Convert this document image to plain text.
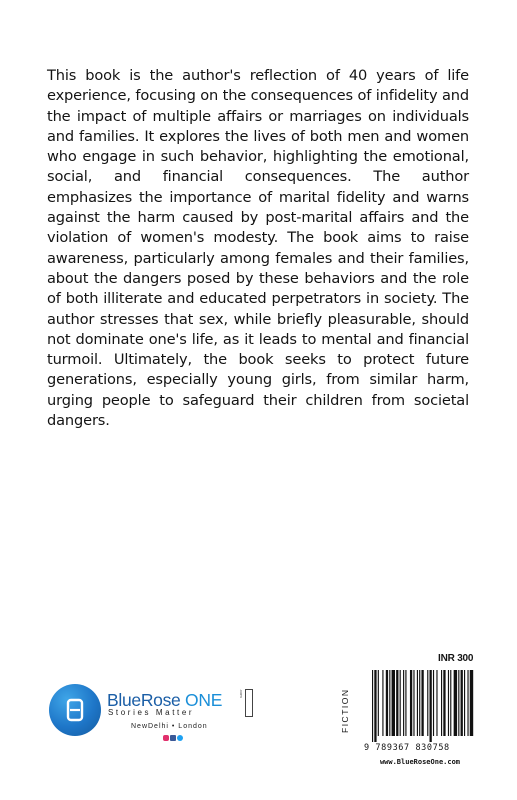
This book is the author's reflection of 40 years of life experience, focusing on the consequences of infidelity and the impact of multiple affairs or marriages on individuals and families. It explores the lives of both men and women who engage in such behavior, highlighting the emotional, social, and financial consequences. The author emphasizes the importance of marital fidelity and warns against the harm caused by post-marital affairs and the violation of women's modesty. The book aims to raise awareness, particularly among females and their families, about the dangers posed by these behaviors and the role of both illiterate and educated perpetrators in society. The author stresses that sex, while briefly pleasurable, should not dominate one's life, as it leads to mental and financial turmoil. Ultimately, the book seeks to protect future generations, especially young girls, from similar harm, urging people to safeguard their children from societal dangers.

INR 300
FICTION
9 789367 830758
www.BlueRoseOne.com
BlueRose ONE	.com
Stories Matter
NewDelhi • London
